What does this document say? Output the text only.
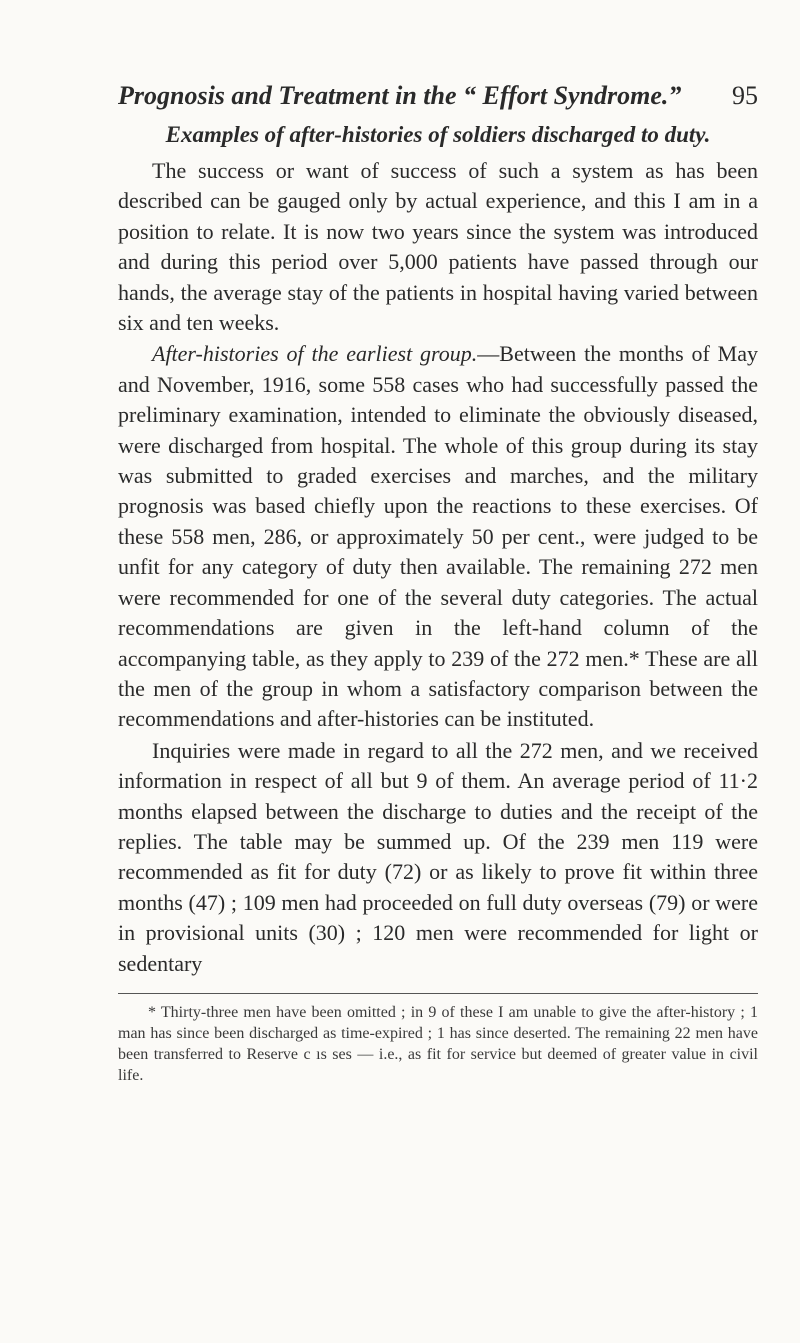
Prognosis and Treatment in the “ Effort Syndrome.” 95
Examples of after-histories of soldiers discharged to duty.

The success or want of success of such a system as has been described can be gauged only by actual experience, and this I am in a position to relate. It is now two years since the system was introduced and during this period over 5,000 patients have passed through our hands, the average stay of the patients in hospital having varied between six and ten weeks.

After-histories of the earliest group.—Between the months of May and November, 1916, some 558 cases who had successfully passed the preliminary examination, intended to eliminate the obviously diseased, were discharged from hospital. The whole of this group during its stay was submitted to graded exercises and marches, and the military prognosis was based chiefly upon the reactions to these exercises. Of these 558 men, 286, or approximately 50 per cent., were judged to be unfit for any category of duty then available. The remaining 272 men were recommended for one of the several duty categories. The actual recommendations are given in the left-hand column of the accompanying table, as they apply to 239 of the 272 men.* These are all the men of the group in whom a satisfactory comparison between the recommendations and after-histories can be instituted.

Inquiries were made in regard to all the 272 men, and we received information in respect of all but 9 of them. An average period of 11·2 months elapsed between the discharge to duties and the receipt of the replies. The table may be summed up. Of the 239 men 119 were recommended as fit for duty (72) or as likely to prove fit within three months (47) ; 109 men had proceeded on full duty overseas (79) or were in provisional units (30) ; 120 men were recommended for light or sedentary

* Thirty-three men have been omitted ; in 9 of these I am unable to give the after-history ; 1 man has since been discharged as time-expired ; 1 has since deserted. The remaining 22 men have been transferred to Reserve c ıs ses — i.e., as fit for service but deemed of greater value in civil life.
